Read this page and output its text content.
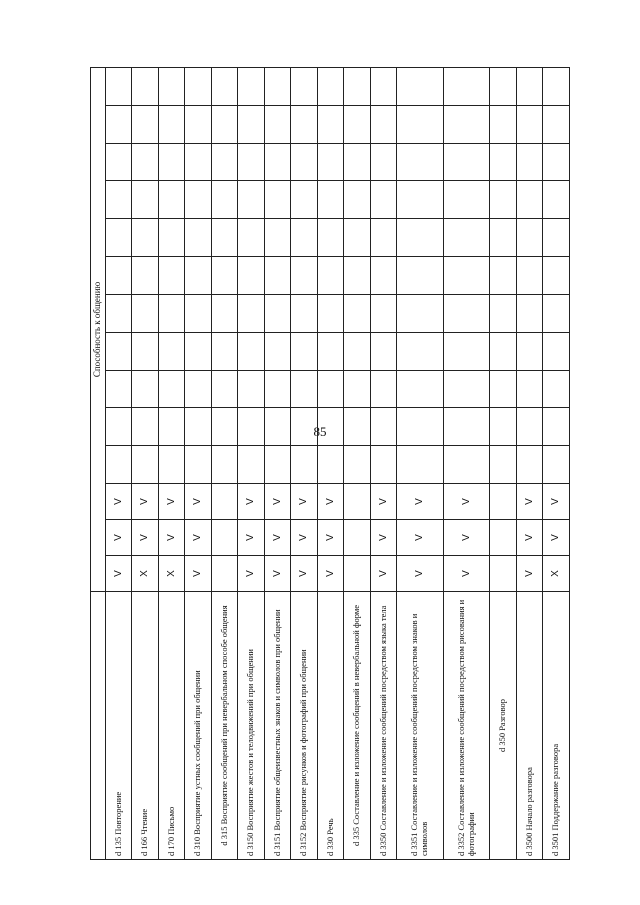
85
	Способность к общению														
d 135 Повторение	V	V	V												
d 166 Чтение	X	V	V												
d 170 Письмо	X	V	V												
d 310 Восприятие устных сообщений при общении	V	V	V												
d 315 Восприятие сообщений при невербальном способе общения															
d 3150 Восприятие жестов и телодвижений при общении	V	V	V												
d 3151 Восприятие общеизвестных знаков и символов при общении	V	V	V												
d 3152 Восприятие рисунков и фотографий при общении	V	V	V												
d 330 Речь	V	V	V												
d 335 Составление и изложение сообщений в невербальной форме															
d 3350 Составление и изложение сообщений посредством языка тела	V	V	V												
d 3351 Составление и изложение сообщений посредством знаков и символов	V	V	V												
d 3352 Составление и изложение сообщений посредством рисования и фотографии	V	V	V												
d 350 Разговор															
d 3500 Начало разговора	V	V	V												
d 3501 Поддержание разговора	X	V	V												
